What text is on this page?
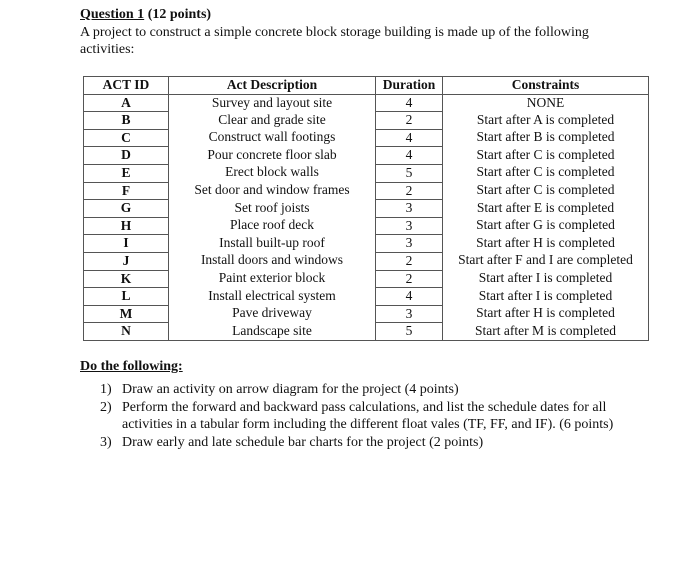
Question 1 (12 points)
A project to construct a simple concrete block storage building is made up of the following activities:
ACT ID	Act Description	Duration	Constraints
A	Survey and layout site	4	NONE
B	Clear and grade site	2	Start after A is completed
C	Construct wall footings	4	Start after B is completed
D	Pour concrete floor slab	4	Start after C is completed
E	Erect block walls	5	Start after C is completed
F	Set door and window frames	2	Start after C is completed
G	Set roof joists	3	Start after E is completed
H	Place roof deck	3	Start after G is completed
I	Install built-up roof	3	Start after H is completed
J	Install doors and windows	2	Start after F and I are completed
K	Paint exterior block	2	Start after I is completed
L	Install electrical system	4	Start after I is completed
M	Pave driveway	3	Start after H is completed
N	Landscape site	5	Start after M is completed
Do the following:
1) Draw an activity on arrow diagram for the project (4 points)
2) Perform the forward and backward pass calculations, and list the schedule dates for all activities in a tabular form including the different float vales (TF, FF, and IF). (6 points)
3) Draw early and late schedule bar charts for the project (2 points)
